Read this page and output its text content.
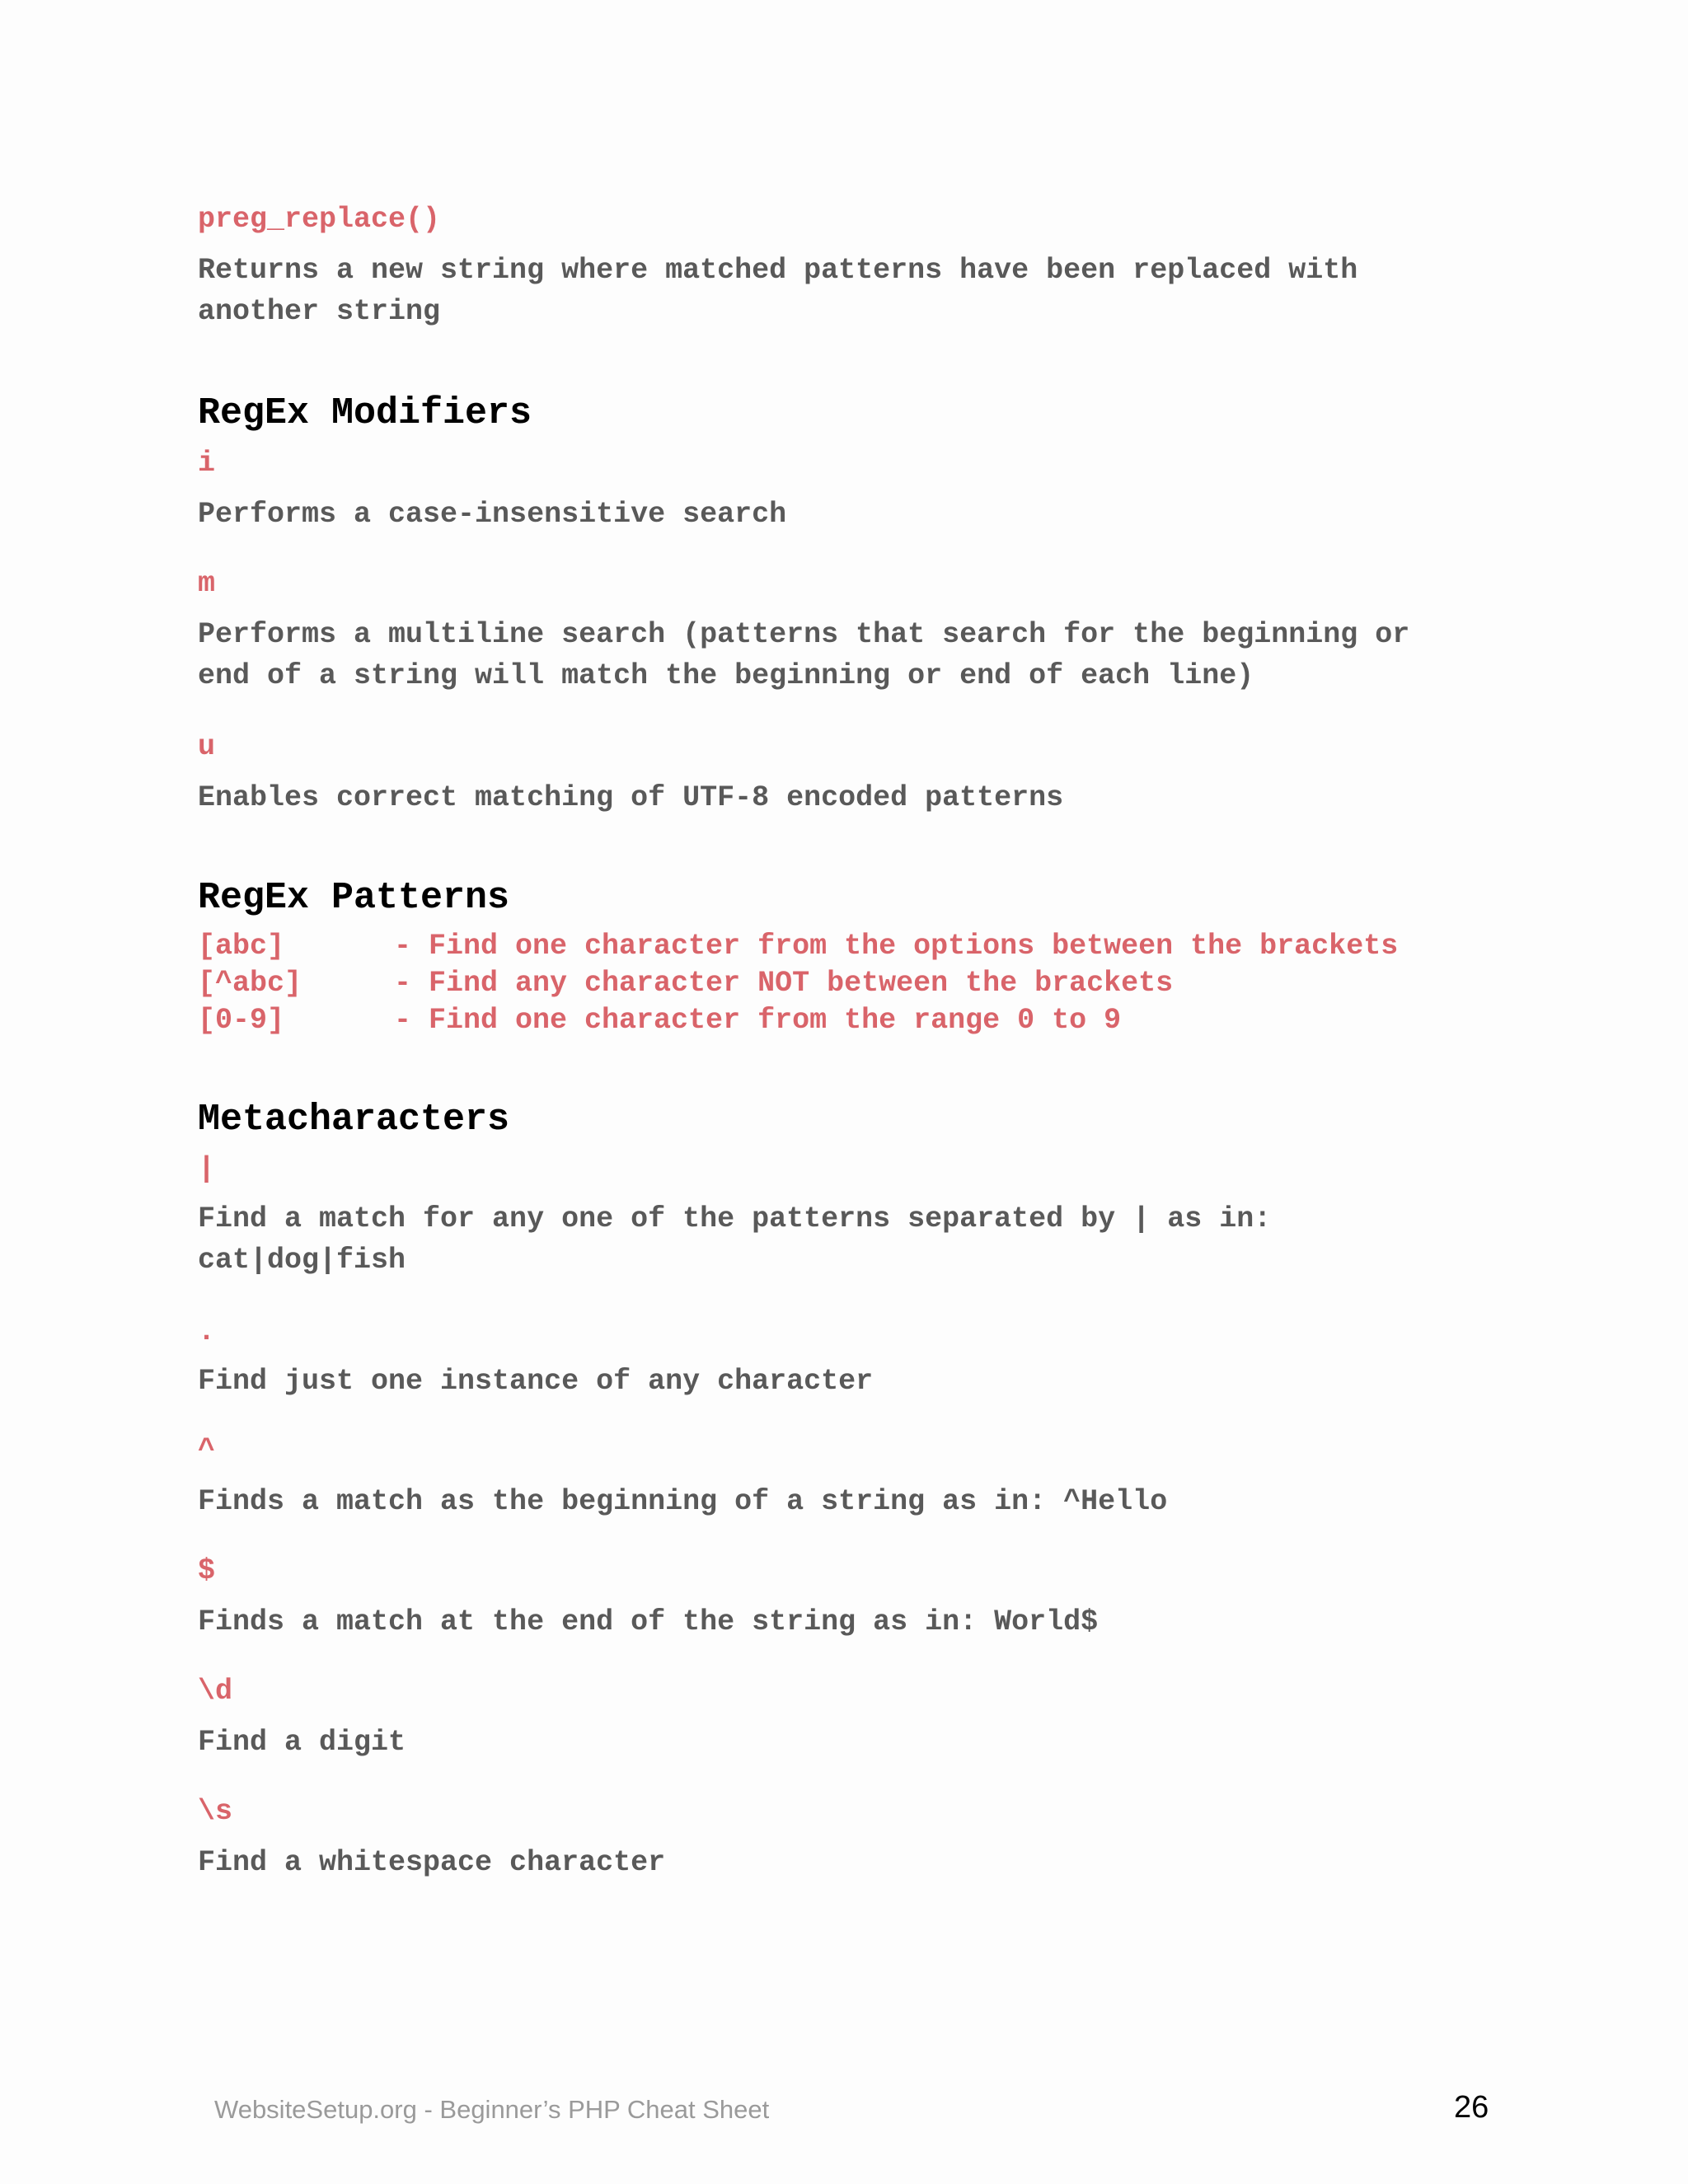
preg_replace()
Returns a new string where matched patterns have been replaced with
another string
RegEx Modifiers
i
Performs a case-insensitive search
m
Performs a multiline search (patterns that search for the beginning or
end of a string will match the beginning or end of each line)
u
Enables correct matching of UTF-8 encoded patterns
RegEx Patterns
[abc]	- Find one character from the options between the brackets
[^abc]	- Find any character NOT between the brackets
[0-9]	- Find one character from the range 0 to 9
Metacharacters
|
Find a match for any one of the patterns separated by | as in:
cat|dog|fish
.
Find just one instance of any character
^
Finds a match as the beginning of a string as in: ^Hello
$
Finds a match at the end of the string as in: World$
\d
Find a digit
\s
Find a whitespace character
WebsiteSetup.org - Beginner’s PHP Cheat Sheet	26
